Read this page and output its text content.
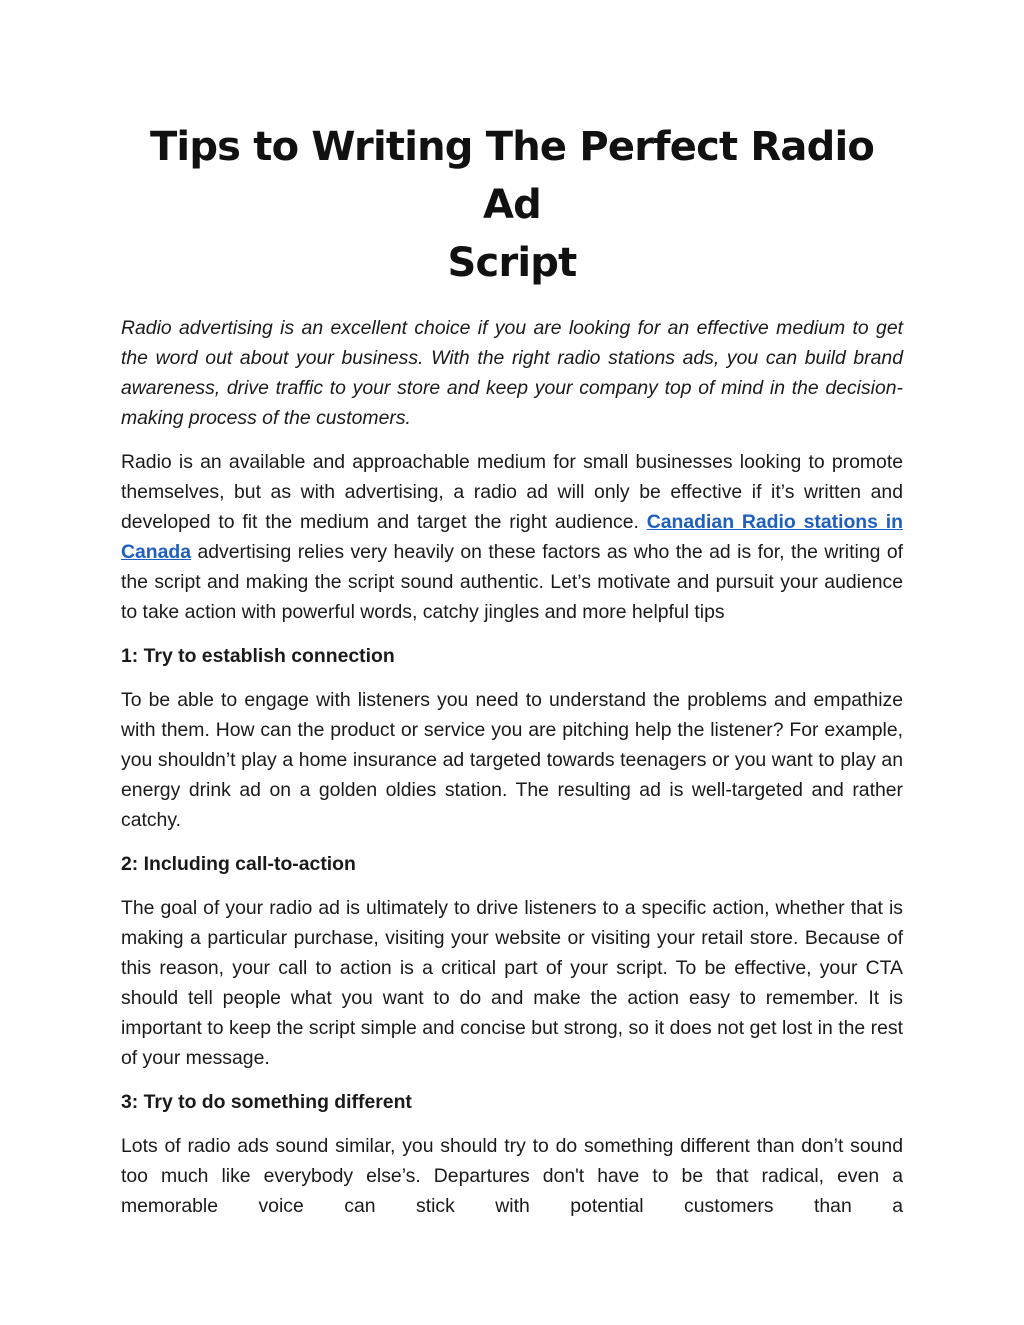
Tips to Writing The Perfect Radio Ad
Script

Radio advertising is an excellent choice if you are looking for an effective medium to get the word out about your business. With the right radio stations ads, you can build brand awareness, drive traffic to your store and keep your company top of mind in the decision-making process of the customers.

Radio is an available and approachable medium for small businesses looking to promote themselves, but as with advertising, a radio ad will only be effective if it’s written and developed to fit the medium and target the right audience. Canadian Radio stations in Canada advertising relies very heavily on these factors as who the ad is for, the writing of the script and making the script sound authentic. Let’s motivate and pursuit your audience to take action with powerful words, catchy jingles and more helpful tips

1: Try to establish connection

To be able to engage with listeners you need to understand the problems and empathize with them. How can the product or service you are pitching help the listener? For example, you shouldn’t play a home insurance ad targeted towards teenagers or you want to play an energy drink ad on a golden oldies station. The resulting ad is well-targeted and rather catchy.

2: Including call-to-action

The goal of your radio ad is ultimately to drive listeners to a specific action, whether that is making a particular purchase, visiting your website or visiting your retail store. Because of this reason, your call to action is a critical part of your script. To be effective, your CTA should tell people what you want to do and make the action easy to remember. It is important to keep the script simple and concise but strong, so it does not get lost in the rest of your message.

3: Try to do something different

Lots of radio ads sound similar, you should try to do something different than don’t sound too much like everybody else’s. Departures don't have to be that radical, even a memorable voice can stick with potential customers than a
